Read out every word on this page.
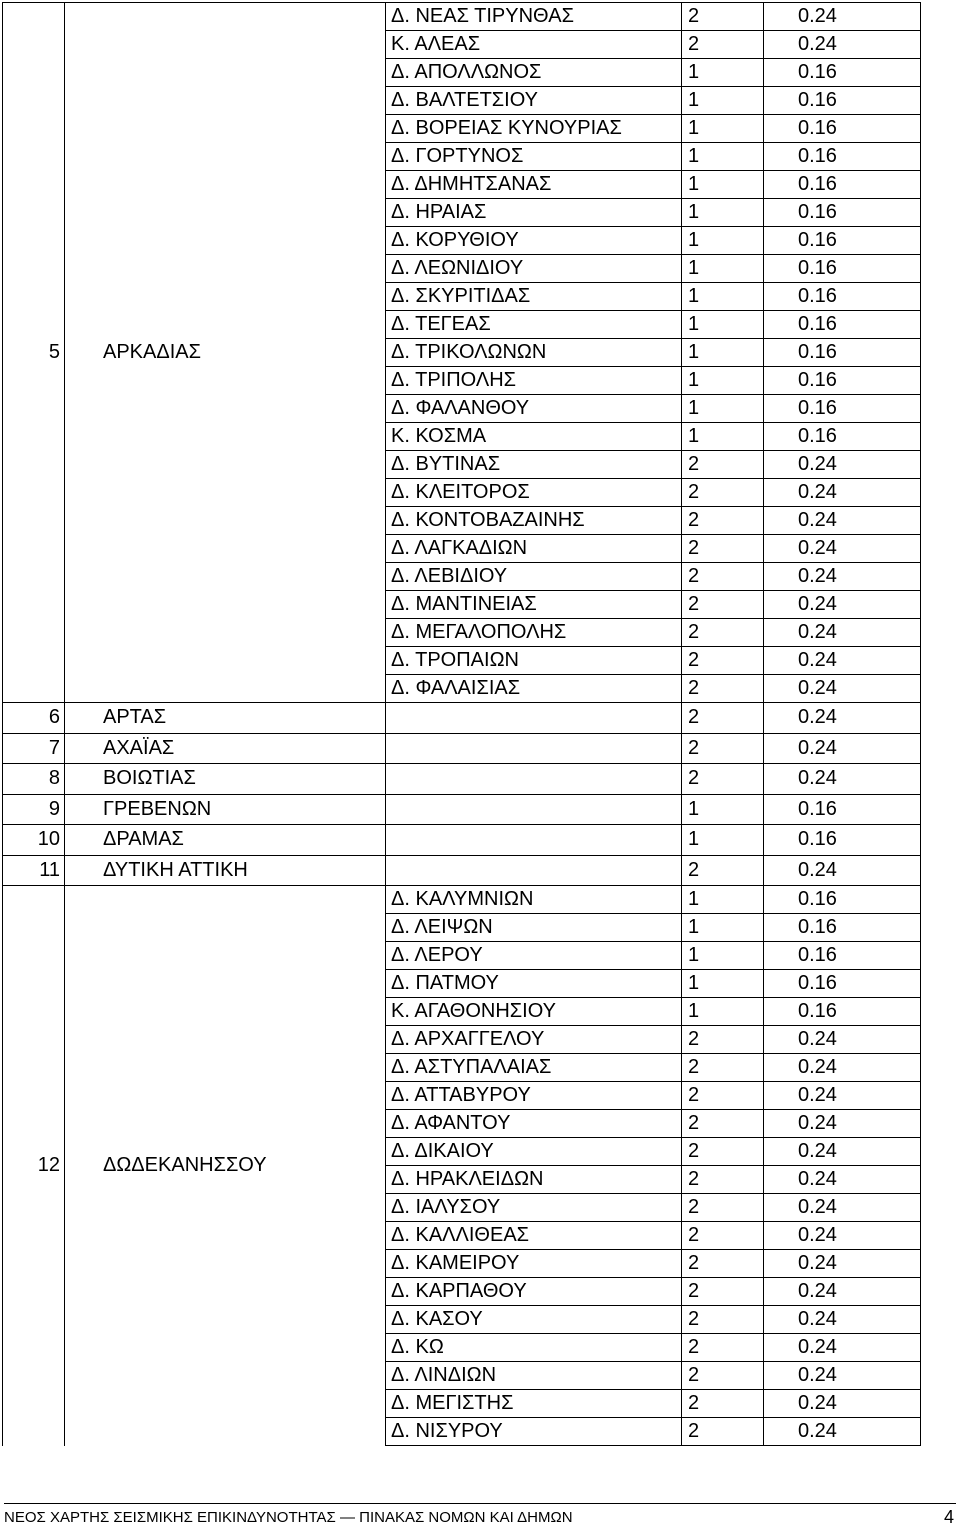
5	ΑΡΚΑΔΙΑΣ	Δ. ΝΕΑΣ ΤΙΡΥΝΘΑΣ	2	0.24
		Κ. ΑΛΕΑΣ	2	0.24
		Δ. ΑΠΟΛΛΩΝΟΣ	1	0.16
		Δ. ΒΑΛΤΕΤΣΙΟΥ	1	0.16
		Δ. ΒΟΡΕΙΑΣ ΚΥΝΟΥΡΙΑΣ	1	0.16
		Δ. ΓΟΡΤΥΝΟΣ	1	0.16
		Δ. ΔΗΜΗΤΣΑΝΑΣ	1	0.16
		Δ. ΗΡΑΙΑΣ	1	0.16
		Δ. ΚΟΡΥΘΙΟΥ	1	0.16
		Δ. ΛΕΩΝΙΔΙΟΥ	1	0.16
		Δ. ΣΚΥΡΙΤΙΔΑΣ	1	0.16
		Δ. ΤΕΓΕΑΣ	1	0.16
		Δ. ΤΡΙΚΟΛΩΝΩΝ	1	0.16
		Δ. ΤΡΙΠΟΛΗΣ	1	0.16
		Δ. ΦΑΛΑΝΘΟΥ	1	0.16
		Κ. ΚΟΣΜΑ	1	0.16
		Δ. ΒΥΤΙΝΑΣ	2	0.24
		Δ. ΚΛΕΙΤΟΡΟΣ	2	0.24
		Δ. ΚΟΝΤΟΒΑΖΑΙΝΗΣ	2	0.24
		Δ. ΛΑΓΚΑΔΙΩΝ	2	0.24
		Δ. ΛΕΒΙΔΙΟΥ	2	0.24
		Δ. ΜΑΝΤΙΝΕΙΑΣ	2	0.24
		Δ. ΜΕΓΑΛΟΠΟΛΗΣ	2	0.24
		Δ. ΤΡΟΠΑΙΩΝ	2	0.24
		Δ. ΦΑΛΑΙΣΙΑΣ	2	0.24
6	ΑΡΤΑΣ		2	0.24
7	ΑΧΑΪΑΣ		2	0.24
8	ΒΟΙΩΤΙΑΣ		2	0.24
9	ΓΡΕΒΕΝΩΝ		1	0.16
10	ΔΡΑΜΑΣ		1	0.16
11	ΔΥΤΙΚΗ ΑΤΤΙΚΗ		2	0.24
12	ΔΩΔΕΚΑΝΗΣΣΟΥ	Δ. ΚΑΛΥΜΝΙΩΝ	1	0.16
		Δ. ΛΕΙΨΩΝ	1	0.16
		Δ. ΛΕΡΟΥ	1	0.16
		Δ. ΠΑΤΜΟΥ	1	0.16
		Κ. ΑΓΑΘΟΝΗΣΙΟΥ	1	0.16
		Δ. ΑΡΧΑΓΓΕΛΟΥ	2	0.24
		Δ. ΑΣΤΥΠΑΛΑΙΑΣ	2	0.24
		Δ. ΑΤΤΑΒΥΡΟΥ	2	0.24
		Δ. ΑΦΑΝΤΟΥ	2	0.24
		Δ. ΔΙΚΑΙΟΥ	2	0.24
		Δ. ΗΡΑΚΛΕΙΔΩΝ	2	0.24
		Δ. ΙΑΛΥΣΟΥ	2	0.24
		Δ. ΚΑΛΛΙΘΕΑΣ	2	0.24
		Δ. ΚΑΜΕΙΡΟΥ	2	0.24
		Δ. ΚΑΡΠΑΘΟΥ	2	0.24
		Δ. ΚΑΣΟΥ	2	0.24
		Δ. ΚΩ	2	0.24
		Δ. ΛΙΝΔΙΩΝ	2	0.24
		Δ. ΜΕΓΙΣΤΗΣ	2	0.24
		Δ. ΝΙΣΥΡΟΥ	2	0.24
ΝΕΟΣ ΧΑΡΤΗΣ ΣΕΙΣΜΙΚΗΣ ΕΠΙΚΙΝΔΥΝΟΤΗΤΑΣ — ΠΙΝΑΚΑΣ ΝΟΜΩΝ ΚΑΙ ΔΗΜΩΝ	4
